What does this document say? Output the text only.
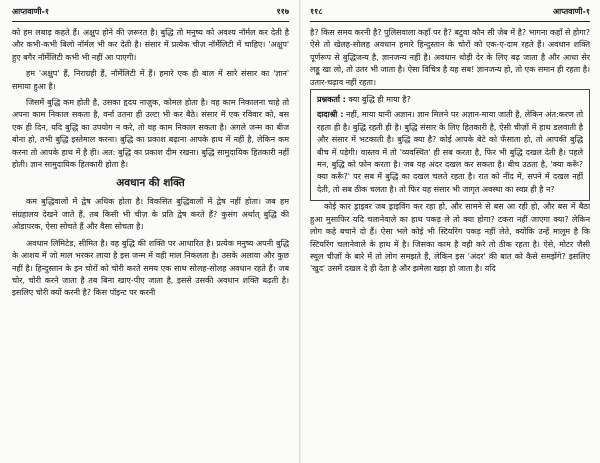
आप्तवाणी-१	११७

को हम लबाड़ कहते हैं। अक्षुप होने की ज़रूरत है। बुद्धि तो मनुष्य को अवश्य नॉर्मल कर देती है और कभी-कभी बिलो नॉर्मल भी कर देती है। संसार में प्रत्येक चीज़ नॉर्मेलिटी में चाहिए। 'अक्षुप' हुए बगैर नॉर्मेलिटी कभी भी नहीं आ पाएगी।

हम 'अक्षुप' हैं, निराग्रही हैं, नॉर्मेलिटी में हैं। हमारे एक ही बाल में सारे संसार का 'ज्ञान' समाया हुआ है।

जिसमें बुद्धि कम होती है, उसका हृदय नाज़ुक, कोमल होता है। वह काम निकालना चाहे तो अपना काम निकाल सकता है, वर्ना उतना ही उल्टा भी कर बैठे। संसार में एक रविवार को, बस एक ही दिन, यदि बुद्धि का उपयोग न करे, तो वह काम निकाल सकता है। अगले जन्म का बीज बोना हो, तभी बुद्धि इस्तेमाल करना। बुद्धि का प्रकाश बढ़ाना आपके हाथ में नहीं है, लेकिन कम करना तो आपके हाथ में है ही। अत: बुद्धि का प्रकाश दीम रखना। बुद्धि सामुदायिक हितकारी नहीं होती। ज्ञान सामुदायिक हितकारी होता है।

अवधान की शक्ति

कम बुद्धिवालों में द्वेष अधिक होता है। विकसित बुद्धिवालों में द्वेष नहीं होता। जब हम संग्रहालय देखने जाते हैं, तब किसी भी चीज़ के प्रति द्वेष करते हैं? कुसंग अर्थात् बुद्धि की ओडापरक, ऐसा सोचते हैं और वैसा सोचता है।

अवधान लिमिटेड, सीमित है। वह बुद्धि की शक्ति पर आधारित है। प्रत्येक मनुष्य अपनी बुद्धि के आशय में जो माल भरकर लाया है इस जन्म में वही माल निकलता है। उसके अलावा और कुछ नहीं है। हिन्दुस्तान के इन चोरों को चोरी करते समय एक साथ सोलह-सोलह अवधान रहते हैं। जब चोर, चोरी करने जाता है तब बिना खाए-पीए जाता है, इससे उसकी अवधान शक्ति बढ़ती है। इसलिए चोरी क्यों करनी है? किस पॉइन्ट पर करनी

११८	आप्तवाणी-१

है? किस समय करनी है? पुलिसवाला कहाँ पर है? बटुवा कौन सी जेब में है? भागना कहाँ से होगा? ऐसे तो खेलह-सोलह अवधान हमारे हिन्दुस्तान के चोरों को एक-ए-दाम रहते हैं। अवधान शक्ति पूर्णरूप से बुद्धिजन्य है, ज्ञानजन्य नहीं है। अवधान थोड़ी देर के लिए बढ़ जाता है और आधा सेर लड्डू खा लो, तो उतर भी जाता है। ऐसा विचित्र है यह सब! ज्ञानजन्य हो, तो एक समान ही रहता है। उतार-चढ़ाव नहीं रहता।

प्रश्नकर्ता : क्या बुद्धि ही माया है?

दादाश्री : नहीं, माया यानी अज्ञान। ज्ञान मिलने पर अज्ञान-माया जाती है, लेकिन अंत:करण तो रहता ही है। बुद्धि रहती ही है। बुद्धि संसार के लिए हितकारी है, ऐसी चीज़ों में हाथ डलवाती है और संसार में भटकाती है। बुद्धि क्या है? कोई आपके बेटे को फँसाता हो, तो आपकी बुद्धि बीच में पड़ेगी। वास्तव में तो 'व्यवस्थित' ही सब करता है, फिर भी बुद्धि दखल देती है। पहले मन, बुद्धि को फोन करता है। जब यह अंदर दखल कर सकता है। बीच उठता है, 'क्या करूँ? क्या करूँ?' पर सब में बुद्धि का दखल चलते रहता है। रात को नींद में, सपने में दखल नहीं देती, तो सब ठीक चलता है। तो फिर यह संसार भी जागृत अवस्था का स्वप्न ही है न?

कोई कार ड्राइवर जब ड्राइविंग कर रहा हो, और सामने से बस आ रही हो, और बस में बैठा हुआ मुसाफिर यदि चलानेवाले का हाथ पकड़ ले तो क्या होगा? टकरा नहीं जाएगा क्या? लेकिन लोग कहे बचाने दो हैं। ऐसा भले कोई भी स्टियरिंग पकड़ नहीं लेते, क्योंकि उन्हें मालूम है कि स्टियरिंग चलानेवाले के हाथ में है। जिसका काम है वही करे तो ठीक रहता है। ऐसे, मोटर जैसी स्थूल चीज़ों के बारे में तो लोग समझते हैं, लेकिन इस 'अंदर' की बात को कैसे समझेंगे? इसलिए 'खुद' उसमें दखल दे ही देता है और झमेला खड़ा हो जाता है। यदि
